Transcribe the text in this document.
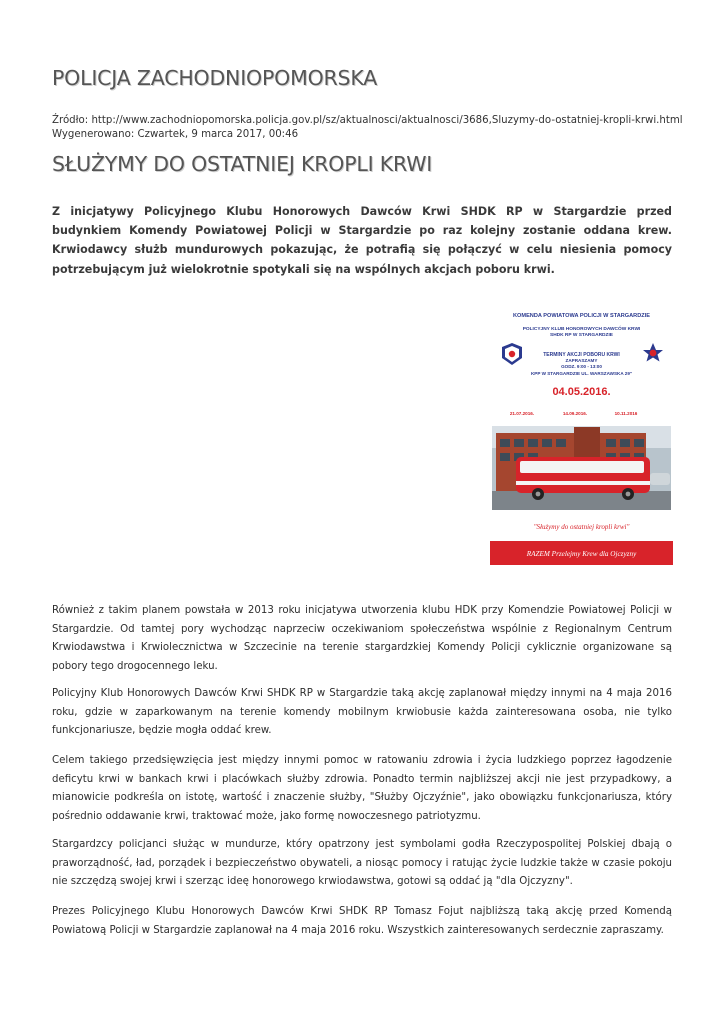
POLICJA ZACHODNIOPOMORSKA
Źródło: http://www.zachodniopomorska.policja.gov.pl/sz/aktualnosci/aktualnosci/3686,Sluzymy-do-ostatniej-kropli-krwi.html
Wygenerowano: Czwartek, 9 marca 2017, 00:46
SŁUŻYMY DO OSTATNIEJ KROPLI KRWI

Z inicjatywy Policyjnego Klubu Honorowych Dawców Krwi SHDK RP w Stargardzie przed budynkiem Komendy Powiatowej Policji w Stargardzie po raz kolejny zostanie oddana krew. Krwiodawcy służb mundurowych pokazując, że potrafią się połączyć w celu niesienia pomocy potrzebującym już wielokrotnie spotykali się na wspólnych akcjach poboru krwi.

KOMENDA POWIATOWA POLICJI W STARGARDZIE
POLICYJNY KLUB HONOROWYCH DAWCÓW KRWI
SHDK RP W STARGARDZIE
TERMINY AKCJI POBORU KRWI
ZAPRASZAMY
GODZ. 9:00 - 13:00
KPP W STARGARDZIE UL. WARSZAWSKA 29"
04.05.2016.
21.07.2016.	14.09.2016.	10.11.2016
"Służymy do ostatniej kropli krwi"
RAZEM Przelejmy Krew dla Ojczyzny

Również z takim planem powstała w 2013 roku inicjatywa utworzenia klubu HDK przy Komendzie Powiatowej Policji w Stargardzie. Od tamtej pory wychodząc naprzeciw oczekiwaniom społeczeństwa wspólnie z Regionalnym Centrum Krwiodawstwa i Krwiolecznictwa w Szczecinie na terenie stargardzkiej Komendy Policji cyklicznie organizowane są pobory tego drogocennego leku.

Policyjny Klub Honorowych Dawców Krwi SHDK RP w Stargardzie taką akcję zaplanował między innymi na 4 maja 2016 roku, gdzie w zaparkowanym na terenie komendy mobilnym krwiobusie każda zainteresowana osoba, nie tylko funkcjonariusze, będzie mogła oddać krew.

Celem takiego przedsięwzięcia jest między innymi pomoc w ratowaniu zdrowia i życia ludzkiego poprzez łagodzenie deficytu krwi w bankach krwi i placówkach służby zdrowia. Ponadto termin najbliższej akcji nie jest przypadkowy, a mianowicie podkreśla on istotę, wartość i znaczenie służby, "Służby Ojczyźnie", jako obowiązku funkcjonariusza, który pośrednio oddawanie krwi, traktować może, jako formę nowoczesnego patriotyzmu.

Stargardzcy policjanci służąc w mundurze, który opatrzony jest symbolami godła Rzeczypospolitej Polskiej dbają o praworządność, ład, porządek i bezpieczeństwo obywateli, a niosąc pomocy i ratując życie ludzkie także w czasie pokoju nie szczędzą swojej krwi i szerząc ideę honorowego krwiodawstwa, gotowi są oddać ją "dla Ojczyzny".

Prezes Policyjnego Klubu Honorowych Dawców Krwi SHDK RP Tomasz Fojut najbliższą taką akcję przed Komendą Powiatową Policji w Stargardzie zaplanował na 4 maja 2016 roku. Wszystkich zainteresowanych serdecznie zapraszamy.
